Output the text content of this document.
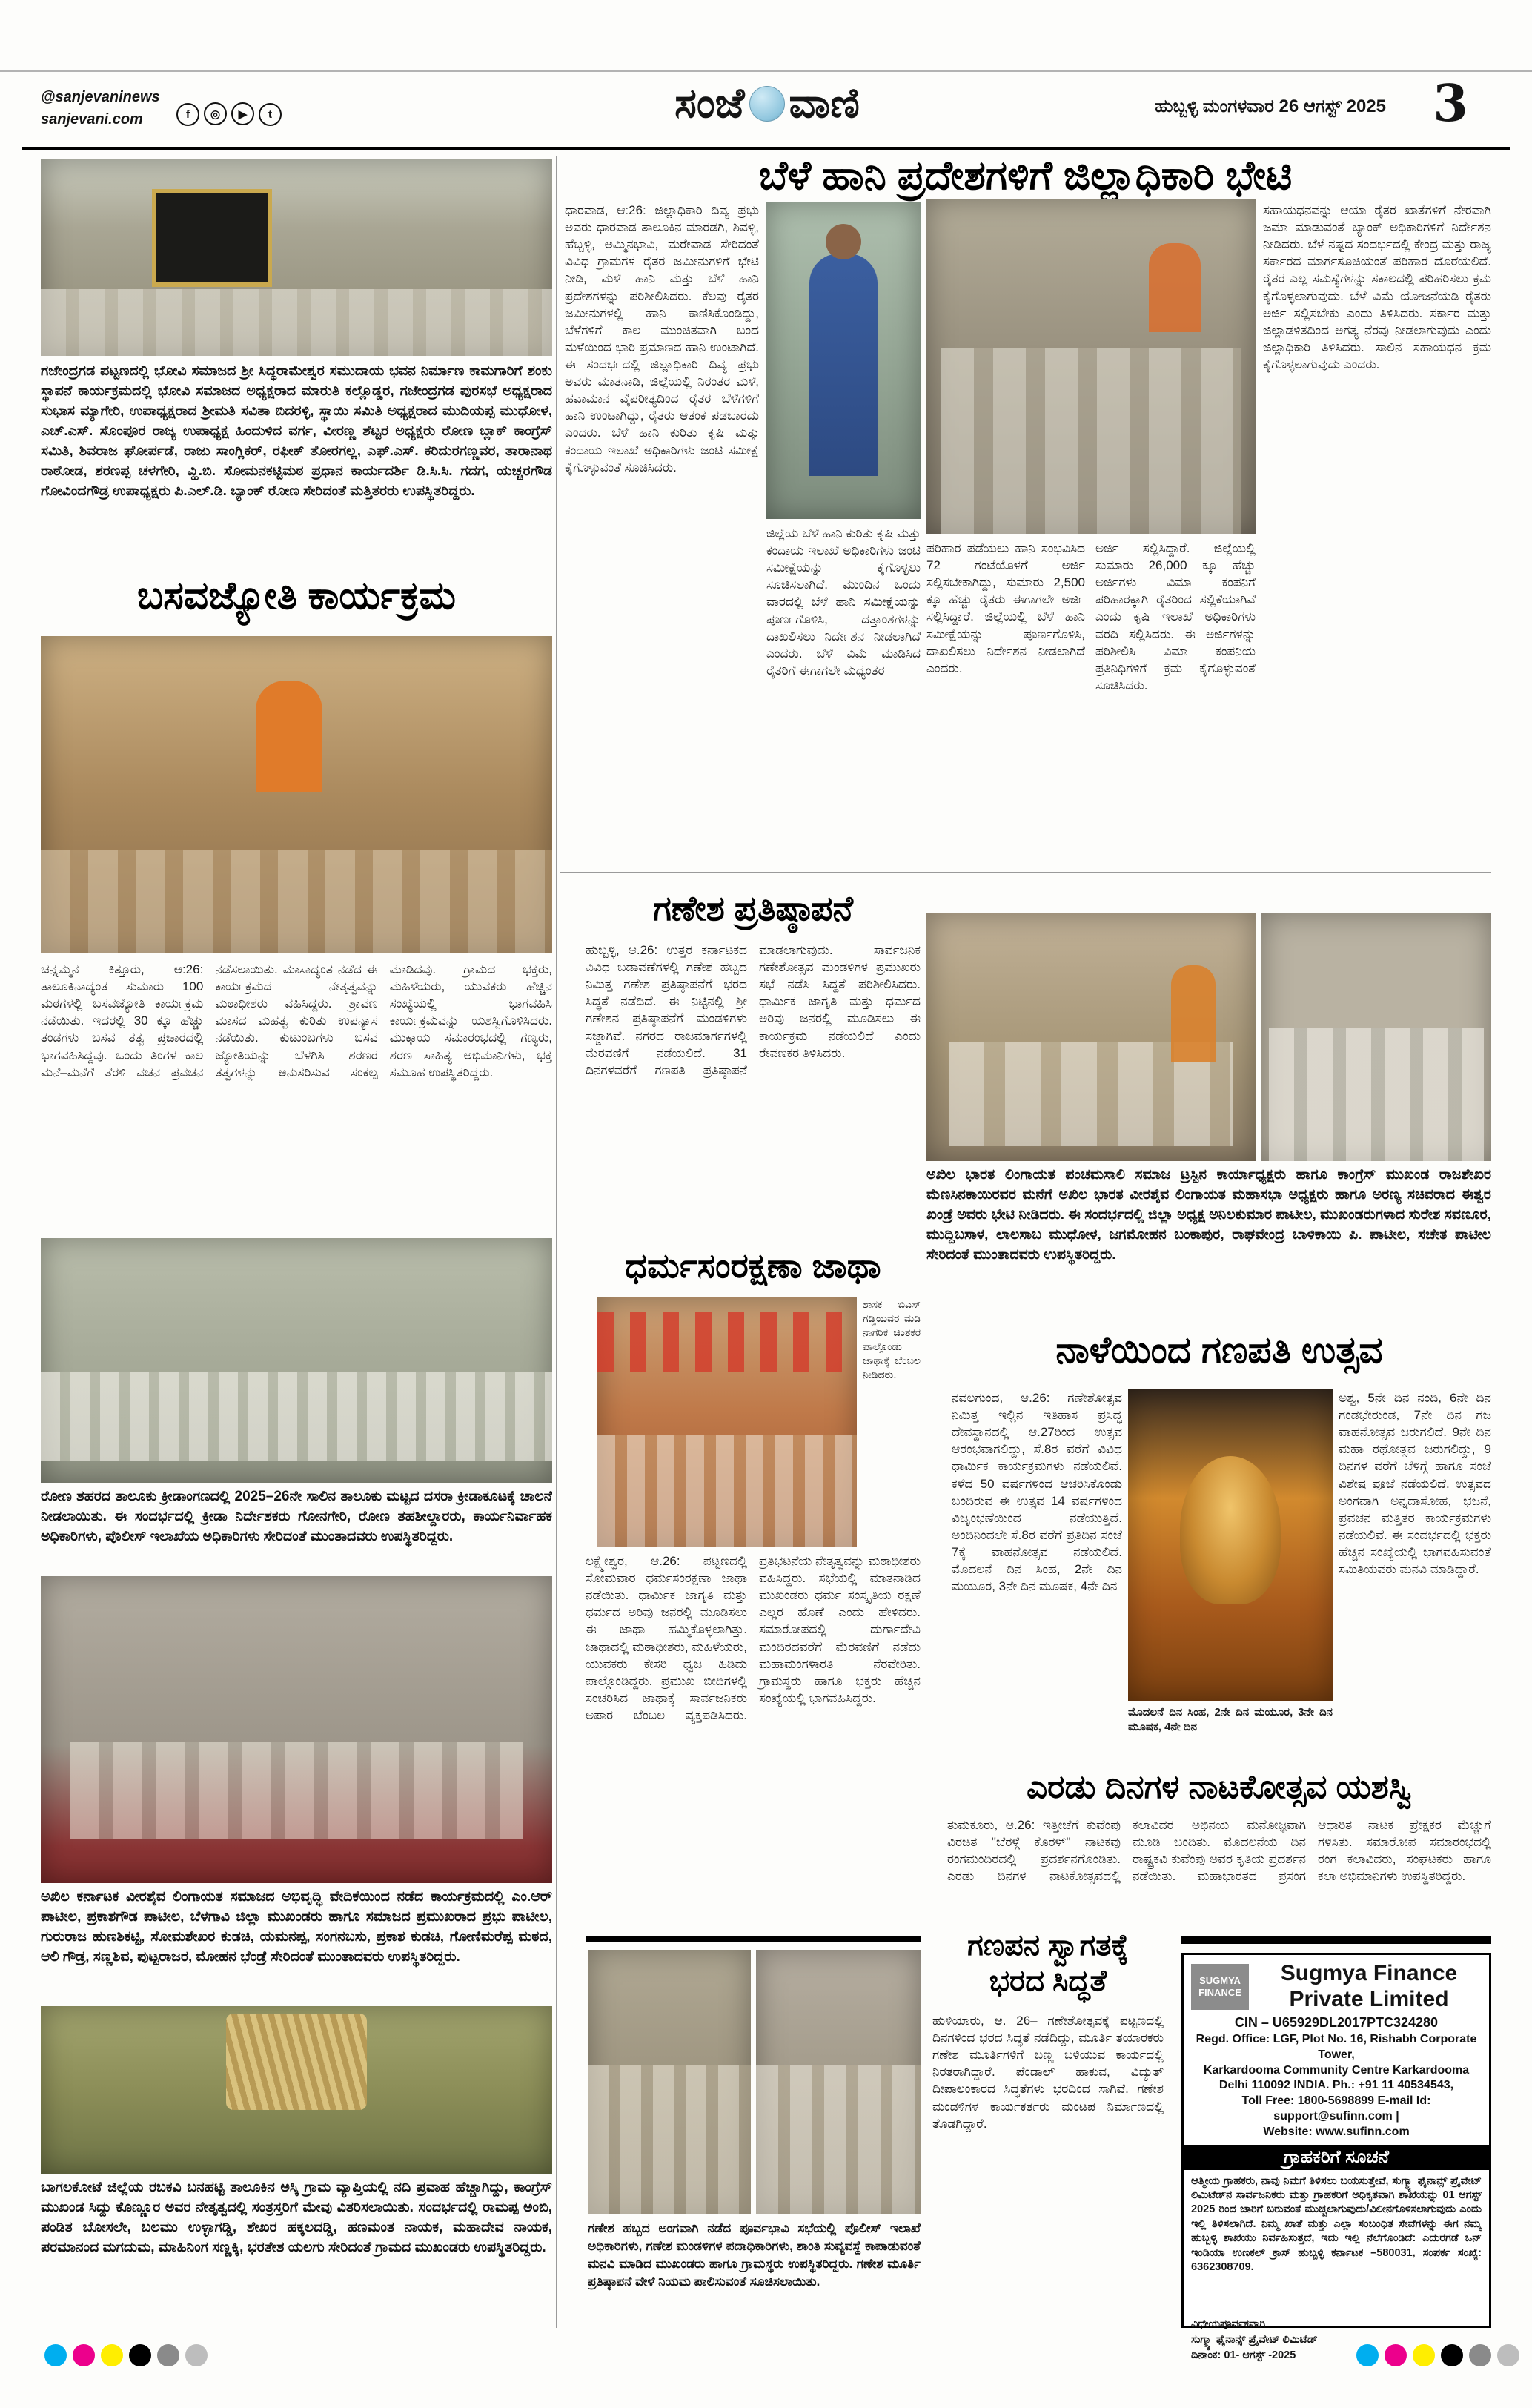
@sanjevaninews
sanjevani.com	f ◎ ▶ t	ಸಂಜೆ ವಾಣಿ	ಹುಬ್ಬಳ್ಳಿ ಮಂಗಳವಾರ 26 ಆಗಸ್ಟ್ 2025 3
ಬೆಳೆ ಹಾನಿ ಪ್ರದೇಶಗಳಿಗೆ ಜಿಲ್ಲಾಧಿಕಾರಿ ಭೇಟಿ
ಗಜೇಂದ್ರಗಡ ಪಟ್ಟಣದಲ್ಲಿ ಭೋವಿ ಸಮಾಜದ ಶ್ರೀ ಸಿದ್ಧರಾಮೇಶ್ವರ ಸಮುದಾಯ ಭವನ ನಿರ್ಮಾಣ ಕಾಮಗಾರಿಗೆ ಶಂಕು ಸ್ಥಾಪನೆ ಕಾರ್ಯಕ್ರಮದಲ್ಲಿ ಭೋವಿ ಸಮಾಜದ ಅಧ್ಯಕ್ಷರಾದ ಮಾರುತಿ ಕಲ್ಲೊಡ್ಡರ, ಗಜೇಂದ್ರಗಡ ಪುರಸಭೆ ಅಧ್ಯಕ್ಷರಾದ ಸುಭಾಸ ಮ್ಯಾಗೇರಿ, ಉಪಾಧ್ಯಕ್ಷರಾದ ಶ್ರೀಮತಿ ಸವಿತಾ ಬಿದರಳ್ಳಿ, ಸ್ಥಾಯಿ ಸಮಿತಿ ಅಧ್ಯಕ್ಷರಾದ ಮುದಿಯಪ್ಪ ಮುಧೋಳ, ಎಚ್.ಎಸ್. ಸೊಂಪೂರ ರಾಜ್ಯ ಉಪಾಧ್ಯಕ್ಷ ಹಿಂದುಳಿದ ವರ್ಗ, ವೀರಣ್ಣ ಶೆಟ್ಟರ ಅಧ್ಯಕ್ಷರು ರೋಣ ಬ್ಲಾಕ್ ಕಾಂಗ್ರೆಸ್ ಸಮಿತಿ, ಶಿವರಾಜ ಘೋರ್ಪಡೆ, ರಾಜು ಸಾಂಗ್ಲಿಕರ್, ರಫೀಕ್ ತೋರಗಲ್ಲ, ಎಫ್.ಎಸ್. ಕರಿದುರಗಣ್ಣವರ, ತಾರಾನಾಥ ರಾಠೋಡ, ಶರಣಪ್ಪ ಚಳಗೇರಿ, ವ್ಹಿ.ಬಿ. ಸೋಮನಕಟ್ಟಿಮಠ ಪ್ರಧಾನ ಕಾರ್ಯದರ್ಶಿ ಡಿ.ಸಿ.ಸಿ. ಗದಗ, ಯಚ್ಚರಗೌಡ ಗೋವಿಂದಗೌಡ್ರ ಉಪಾಧ್ಯಕ್ಷರು ಪಿ.ಎಲ್.ಡಿ. ಬ್ಯಾಂಕ್ ರೋಣ ಸೇರಿದಂತೆ ಮತ್ತಿತರರು ಉಪಸ್ಥಿತರಿದ್ದರು.
ಧಾರವಾಡ, ಆ:26: ಜಿಲ್ಲಾಧಿಕಾರಿ ದಿವ್ಯ ಪ್ರಭು ಅವರು ಧಾರವಾಡ ತಾಲೂಕಿನ ಮಾರಡಗಿ, ಶಿವಳ್ಳಿ, ಹೆಬ್ಬಳ್ಳಿ, ಅಮ್ಮಿನಭಾವಿ, ಮರೇವಾಡ ಸೇರಿದಂತೆ ವಿವಿಧ ಗ್ರಾಮಗಳ ರೈತರ ಜಮೀನುಗಳಿಗೆ ಭೇಟಿ ನೀಡಿ, ಮಳೆ ಹಾನಿ ಮತ್ತು ಬೆಳೆ ಹಾನಿ ಪ್ರದೇಶಗಳನ್ನು ಪರಿಶೀಲಿಸಿದರು. ಕೆಲವು ರೈತರ ಜಮೀನುಗಳಲ್ಲಿ ಹಾನಿ ಕಾಣಿಸಿಕೊಂಡಿದ್ದು, ಬೆಳೆಗಳಿಗೆ ಕಾಲ ಮುಂಚಿತವಾಗಿ ಬಂದ ಮಳೆಯಿಂದ ಭಾರಿ ಪ್ರಮಾಣದ ಹಾನಿ ಉಂಟಾಗಿದೆ. ಈ ಸಂದರ್ಭದಲ್ಲಿ ಜಿಲ್ಲಾಧಿಕಾರಿ ದಿವ್ಯ ಪ್ರಭು ಅವರು ಮಾತನಾಡಿ, ಜಿಲ್ಲೆಯಲ್ಲಿ ನಿರಂತರ ಮಳೆ, ಹವಾಮಾನ ವೈಪರೀತ್ಯದಿಂದ ರೈತರ ಬೆಳೆಗಳಿಗೆ ಹಾನಿ ಉಂಟಾಗಿದ್ದು, ರೈತರು ಆತಂಕ ಪಡಬಾರದು ಎಂದರು. ಬೆಳೆ ಹಾನಿ ಕುರಿತು ಕೃಷಿ ಮತ್ತು ಕಂದಾಯ ಇಲಾಖೆ ಅಧಿಕಾರಿಗಳು ಜಂಟಿ ಸಮೀಕ್ಷೆ ಕೈಗೊಳ್ಳುವಂತೆ ಸೂಚಿಸಿದರು.
ಜಿಲ್ಲೆಯ ಬೆಳೆ ಹಾನಿ ಕುರಿತು ಕೃಷಿ ಮತ್ತು ಕಂದಾಯ ಇಲಾಖೆ ಅಧಿಕಾರಿಗಳು ಜಂಟಿ ಸಮೀಕ್ಷೆಯನ್ನು ಕೈಗೊಳ್ಳಲು ಸೂಚಿಸಲಾಗಿದೆ. ಮುಂದಿನ ಒಂದು ವಾರದಲ್ಲಿ ಬೆಳೆ ಹಾನಿ ಸಮೀಕ್ಷೆಯನ್ನು ಪೂರ್ಣಗೊಳಿಸಿ, ದತ್ತಾಂಶಗಳನ್ನು ದಾಖಲಿಸಲು ನಿರ್ದೇಶನ ನೀಡಲಾಗಿದೆ ಎಂದರು. ಬೆಳೆ ವಿಮೆ ಮಾಡಿಸಿದ ರೈತರಿಗೆ ಈಗಾಗಲೇ ಮಧ್ಯಂತರ
ಪರಿಹಾರ ಪಡೆಯಲು ಹಾನಿ ಸಂಭವಿಸಿದ 72 ಗಂಟೆಯೊಳಗೆ ಅರ್ಜಿ ಸಲ್ಲಿಸಬೇಕಾಗಿದ್ದು, ಸುಮಾರು 2,500 ಕ್ಕೂ ಹೆಚ್ಚು ರೈತರು ಈಗಾಗಲೇ ಅರ್ಜಿ ಸಲ್ಲಿಸಿದ್ದಾರೆ. ಜಿಲ್ಲೆಯಲ್ಲಿ ಬೆಳೆ ಹಾನಿ ಸಮೀಕ್ಷೆಯನ್ನು ಪೂರ್ಣಗೊಳಿಸಿ, ದಾಖಲಿಸಲು ನಿರ್ದೇಶನ ನೀಡಲಾಗಿದೆ ಎಂದರು.
ಅರ್ಜಿ ಸಲ್ಲಿಸಿದ್ದಾರೆ. ಜಿಲ್ಲೆಯಲ್ಲಿ ಸುಮಾರು 26,000 ಕ್ಕೂ ಹೆಚ್ಚು ಅರ್ಜಿಗಳು ವಿಮಾ ಕಂಪನಿಗೆ ಪರಿಹಾರಕ್ಕಾಗಿ ರೈತರಿಂದ ಸಲ್ಲಿಕೆಯಾಗಿವೆ ಎಂದು ಕೃಷಿ ಇಲಾಖೆ ಅಧಿಕಾರಿಗಳು ವರದಿ ಸಲ್ಲಿಸಿದರು. ಈ ಅರ್ಜಿಗಳನ್ನು ಪರಿಶೀಲಿಸಿ ವಿಮಾ ಕಂಪನಿಯ ಪ್ರತಿನಿಧಿಗಳಿಗೆ ಕ್ರಮ ಕೈಗೊಳ್ಳುವಂತೆ ಸೂಚಿಸಿದರು.
ಸಹಾಯಧನವನ್ನು ಆಯಾ ರೈತರ ಖಾತೆಗಳಿಗೆ ನೇರವಾಗಿ ಜಮಾ ಮಾಡುವಂತೆ ಬ್ಯಾಂಕ್ ಅಧಿಕಾರಿಗಳಿಗೆ ನಿರ್ದೇಶನ ನೀಡಿದರು. ಬೆಳೆ ನಷ್ಟದ ಸಂದರ್ಭದಲ್ಲಿ ಕೇಂದ್ರ ಮತ್ತು ರಾಜ್ಯ ಸರ್ಕಾರದ ಮಾರ್ಗಸೂಚಿಯಂತೆ ಪರಿಹಾರ ದೊರೆಯಲಿದೆ. ರೈತರ ಎಲ್ಲ ಸಮಸ್ಯೆಗಳನ್ನು ಸಕಾಲದಲ್ಲಿ ಪರಿಹರಿಸಲು ಕ್ರಮ ಕೈಗೊಳ್ಳಲಾಗುವುದು. ಬೆಳೆ ವಿಮೆ ಯೋಜನೆಯಡಿ ರೈತರು ಅರ್ಜಿ ಸಲ್ಲಿಸಬೇಕು ಎಂದು ತಿಳಿಸಿದರು. ಸರ್ಕಾರ ಮತ್ತು ಜಿಲ್ಲಾಡಳಿತದಿಂದ ಅಗತ್ಯ ನೆರವು ನೀಡಲಾಗುವುದು ಎಂದು ಜಿಲ್ಲಾಧಿಕಾರಿ ತಿಳಿಸಿದರು. ಸಾಲಿನ ಸಹಾಯಧನ ಕ್ರಮ ಕೈಗೊಳ್ಳಲಾಗುವುದು ಎಂದರು.
ಬಸವಜ್ಯೋತಿ ಕಾರ್ಯಕ್ರಮ
ಚನ್ನಮ್ಮನ ಕಿತ್ತೂರು, ಆ:26: ತಾಲೂಕಿನಾದ್ಯಂತ ಸುಮಾರು 100 ಮಠಗಳಲ್ಲಿ ಬಸವಜ್ಯೋತಿ ಕಾರ್ಯಕ್ರಮ ನಡೆಯಿತು. ಇದರಲ್ಲಿ 30 ಕ್ಕೂ ಹೆಚ್ಚು ತಂಡಗಳು ಬಸವ ತತ್ವ ಪ್ರಚಾರದಲ್ಲಿ ಭಾಗವಹಿಸಿದ್ದವು. ಒಂದು ತಿಂಗಳ ಕಾಲ ಮನೆ–ಮನೆಗೆ ತೆರಳಿ ವಚನ ಪ್ರವಚನ ನಡೆಸಲಾಯಿತು. ಮಾಸಾದ್ಯಂತ ನಡೆದ ಈ ಕಾರ್ಯಕ್ರಮದ ನೇತೃತ್ವವನ್ನು ಮಠಾಧೀಶರು ವಹಿಸಿದ್ದರು. ಶ್ರಾವಣ ಮಾಸದ ಮಹತ್ವ ಕುರಿತು ಉಪನ್ಯಾಸ ನಡೆಯಿತು. ಕುಟುಂಬಗಳು ಬಸವ ಜ್ಯೋತಿಯನ್ನು ಬೆಳಗಿಸಿ ಶರಣರ ತತ್ವಗಳನ್ನು ಅನುಸರಿಸುವ ಸಂಕಲ್ಪ ಮಾಡಿದವು. ಗ್ರಾಮದ ಭಕ್ತರು, ಮಹಿಳೆಯರು, ಯುವಕರು ಹೆಚ್ಚಿನ ಸಂಖ್ಯೆಯಲ್ಲಿ ಭಾಗವಹಿಸಿ ಕಾರ್ಯಕ್ರಮವನ್ನು ಯಶಸ್ವಿಗೊಳಿಸಿದರು. ಮುಕ್ತಾಯ ಸಮಾರಂಭದಲ್ಲಿ ಗಣ್ಯರು, ಶರಣ ಸಾಹಿತ್ಯ ಅಭಿಮಾನಿಗಳು, ಭಕ್ತ ಸಮೂಹ ಉಪಸ್ಥಿತರಿದ್ದರು.
ರೋಣ ಶಹರದ ತಾಲೂಕು ಕ್ರೀಡಾಂಗಣದಲ್ಲಿ 2025–26ನೇ ಸಾಲಿನ ತಾಲೂಕು ಮಟ್ಟದ ದಸರಾ ಕ್ರೀಡಾಕೂಟಕ್ಕೆ ಚಾಲನೆ ನೀಡಲಾಯಿತು. ಈ ಸಂದರ್ಭದಲ್ಲಿ ಕ್ರೀಡಾ ನಿರ್ದೇಶಕರು ಗೋನಗೇರಿ, ರೋಣ ತಹಶೀಲ್ದಾರರು, ಕಾರ್ಯನಿರ್ವಾಹಕ ಅಧಿಕಾರಿಗಳು, ಪೊಲೀಸ್ ಇಲಾಖೆಯ ಅಧಿಕಾರಿಗಳು ಸೇರಿದಂತೆ ಮುಂತಾದವರು ಉಪಸ್ಥಿತರಿದ್ದರು.
ಅಖಿಲ ಕರ್ನಾಟಕ ವೀರಶೈವ ಲಿಂಗಾಯತ ಸಮಾಜದ ಅಭಿವೃದ್ಧಿ ವೇದಿಕೆಯಿಂದ ನಡೆದ ಕಾರ್ಯಕ್ರಮದಲ್ಲಿ ಎಂ.ಆರ್ ಪಾಟೀಲ, ಪ್ರಕಾಶಗೌಡ ಪಾಟೀಲ, ಬೆಳಗಾವಿ ಜಿಲ್ಲಾ ಮುಖಂಡರು ಹಾಗೂ ಸಮಾಜದ ಪ್ರಮುಖರಾದ ಪ್ರಭು ಪಾಟೀಲ, ಗುರುರಾಜ ಹುಣಶಿಕಟ್ಟಿ, ಸೋಮಶೇಖರ ಕುಡಚಿ, ಯಮನಪ್ಪ, ಸಂಗನಬಸು, ಪ್ರಕಾಶ ಕುಡಚಿ, ಗೋಣಿಮರೆಪ್ಪ ಮಠದ, ಆಲಿ ಗೌಡ್ರ, ಸಣ್ಣಶಿವ, ಪುಟ್ಟರಾಜರ, ಮೋಹನ ಭೆಂಡ್ರೆ ಸೇರಿದಂತೆ ಮುಂತಾದವರು ಉಪಸ್ಥಿತರಿದ್ದರು.
ಬಾಗಲಕೋಟೆ ಜಿಲ್ಲೆಯ ರಬಕವಿ ಬನಹಟ್ಟಿ ತಾಲೂಕಿನ ಅಸ್ಕಿ ಗ್ರಾಮ ವ್ಯಾಪ್ತಿಯಲ್ಲಿ ನದಿ ಪ್ರವಾಹ ಹೆಚ್ಚಾಗಿದ್ದು, ಕಾಂಗ್ರೆಸ್ ಮುಖಂಡ ಸಿದ್ದು ಕೊಣ್ಣೂರ ಅವರ ನೇತೃತ್ವದಲ್ಲಿ ಸಂತ್ರಸ್ತರಿಗೆ ಮೇವು ವಿತರಿಸಲಾಯಿತು. ಸಂದರ್ಭದಲ್ಲಿ ರಾಮಪ್ಪ ಅಂಬಿ, ಪಂಡಿತ ಬೋಸಲೇ, ಬಲಮು ಉಳ್ಳಾಗಡ್ಡಿ, ಶೇಖರ ಹಕ್ಕಲದಡ್ಡಿ, ಹಣಮಂತ ನಾಯಕ, ಮಹಾದೇವ ನಾಯಕ, ಪರಮಾನಂದ ಮಗದುಮ, ಮಾಹಿನಿಂಗ ಸಣ್ಣಕ್ಕಿ, ಭರತೇಶ ಯಲಗು ಸೇರಿದಂತೆ ಗ್ರಾಮದ ಮುಖಂಡರು ಉಪಸ್ಥಿತರಿದ್ದರು.
ಗಣೇಶ ಪ್ರತಿಷ್ಠಾಪನೆ
ಹುಬ್ಬಳ್ಳಿ, ಆ.26: ಉತ್ತರ ಕರ್ನಾಟಕದ ವಿವಿಧ ಬಡಾವಣೆಗಳಲ್ಲಿ ಗಣೇಶ ಹಬ್ಬದ ನಿಮಿತ್ತ ಗಣೇಶ ಪ್ರತಿಷ್ಠಾಪನೆಗೆ ಭರದ ಸಿದ್ಧತೆ ನಡೆದಿದೆ. ಈ ನಿಟ್ಟಿನಲ್ಲಿ ಶ್ರೀ ಗಣೇಶನ ಪ್ರತಿಷ್ಠಾಪನೆಗೆ ಮಂಡಳಿಗಳು ಸಜ್ಜಾಗಿವೆ. ನಗರದ ರಾಜಮಾರ್ಗಗಳಲ್ಲಿ ಮೆರವಣಿಗೆ ನಡೆಯಲಿದೆ. 31 ದಿನಗಳವರೆಗೆ ಗಣಪತಿ ಪ್ರತಿಷ್ಠಾಪನೆ ಮಾಡಲಾಗುವುದು. ಸಾರ್ವಜನಿಕ ಗಣೇಶೋತ್ಸವ ಮಂಡಳಿಗಳ ಪ್ರಮುಖರು ಸಭೆ ನಡೆಸಿ ಸಿದ್ಧತೆ ಪರಿಶೀಲಿಸಿದರು. ಧಾರ್ಮಿಕ ಜಾಗೃತಿ ಮತ್ತು ಧರ್ಮದ ಅರಿವು ಜನರಲ್ಲಿ ಮೂಡಿಸಲು ಈ ಕಾರ್ಯಕ್ರಮ ನಡೆಯಲಿದೆ ಎಂದು ರೇವಣಕರ ತಿಳಿಸಿದರು.
ಅಖಿಲ ಭಾರತ ಲಿಂಗಾಯತ ಪಂಚಮಸಾಲಿ ಸಮಾಜ ಟ್ರಸ್ಟಿನ ಕಾರ್ಯಾಧ್ಯಕ್ಷರು ಹಾಗೂ ಕಾಂಗ್ರೆಸ್ ಮುಖಂಡ ರಾಜಶೇಖರ ಮೆಣಸಿನಕಾಯಿರವರ ಮನೆಗೆ ಅಖಿಲ ಭಾರತ ವೀರಶೈವ ಲಿಂಗಾಯತ ಮಹಾಸಭಾ ಅಧ್ಯಕ್ಷರು ಹಾಗೂ ಅರಣ್ಯ ಸಚಿವರಾದ ಈಶ್ವರ ಖಂಡ್ರೆ ಅವರು ಭೇಟಿ ನೀಡಿದರು. ಈ ಸಂದರ್ಭದಲ್ಲಿ ಜಿಲ್ಲಾ ಅಧ್ಯಕ್ಷ ಅನಿಲಕುಮಾರ ಪಾಟೀಲ, ಮುಖಂಡರುಗಳಾದ ಸುರೇಶ ಸವಣೂರ, ಮುದ್ದಿಬಸಾಳ, ಲಾಲಸಾಬ ಮುಧೋಳ, ಜಗಮೋಹನ ಬಂಕಾಪುರ, ರಾಘವೇಂದ್ರ ಬಾಳಿಕಾಯಿ ಪಿ. ಪಾಟೀಲ, ಸಚೇತ ಪಾಟೀಲ ಸೇರಿದಂತೆ ಮುಂತಾದವರು ಉಪಸ್ಥಿತರಿದ್ದರು.
ಧರ್ಮಸಂರಕ್ಷಣಾ ಜಾಥಾ
ಶಾಸಕ ಬಿಎಸ್ ಗಡ್ಡಿಯವರ ಮಡಿ ನಾಗರಿಕ ಚಿಂತಕರ ಪಾಲ್ಗೊಂಡು ಜಾಥಾಕ್ಕೆ ಬೆಂಬಲ ನೀಡಿದರು.
ಲಕ್ಷ್ಮೇಶ್ವರ, ಆ.26: ಪಟ್ಟಣದಲ್ಲಿ ಸೋಮವಾರ ಧರ್ಮಸಂರಕ್ಷಣಾ ಜಾಥಾ ನಡೆಯಿತು. ಧಾರ್ಮಿಕ ಜಾಗೃತಿ ಮತ್ತು ಧರ್ಮದ ಅರಿವು ಜನರಲ್ಲಿ ಮೂಡಿಸಲು ಈ ಜಾಥಾ ಹಮ್ಮಿಕೊಳ್ಳಲಾಗಿತ್ತು. ಜಾಥಾದಲ್ಲಿ ಮಠಾಧೀಶರು, ಮಹಿಳೆಯರು, ಯುವಕರು ಕೇಸರಿ ಧ್ವಜ ಹಿಡಿದು ಪಾಲ್ಗೊಂಡಿದ್ದರು. ಪ್ರಮುಖ ಬೀದಿಗಳಲ್ಲಿ ಸಂಚರಿಸಿದ ಜಾಥಾಕ್ಕೆ ಸಾರ್ವಜನಿಕರು ಅಪಾರ ಬೆಂಬಲ ವ್ಯಕ್ತಪಡಿಸಿದರು. ಪ್ರತಿಭಟನೆಯ ನೇತೃತ್ವವನ್ನು ಮಠಾಧೀಶರು ವಹಿಸಿದ್ದರು. ಸಭೆಯಲ್ಲಿ ಮಾತನಾಡಿದ ಮುಖಂಡರು ಧರ್ಮ ಸಂಸ್ಕೃತಿಯ ರಕ್ಷಣೆ ಎಲ್ಲರ ಹೊಣೆ ಎಂದು ಹೇಳಿದರು. ಸಮಾರೋಪದಲ್ಲಿ ದುರ್ಗಾದೇವಿ ಮಂದಿರದವರೆಗೆ ಮೆರವಣಿಗೆ ನಡೆದು ಮಹಾಮಂಗಳಾರತಿ ನೆರವೇರಿತು. ಗ್ರಾಮಸ್ಥರು ಹಾಗೂ ಭಕ್ತರು ಹೆಚ್ಚಿನ ಸಂಖ್ಯೆಯಲ್ಲಿ ಭಾಗವಹಿಸಿದ್ದರು.
ನಾಳೆಯಿಂದ ಗಣಪತಿ ಉತ್ಸವ
ನವಲಗುಂದ, ಆ.26: ಗಣೇಶೋತ್ಸವ ನಿಮಿತ್ತ ಇಲ್ಲಿನ ಇತಿಹಾಸ ಪ್ರಸಿದ್ಧ ದೇವಸ್ಥಾನದಲ್ಲಿ ಆ.27ರಿಂದ ಉತ್ಸವ ಆರಂಭವಾಗಲಿದ್ದು, ಸೆ.8ರ ವರೆಗೆ ವಿವಿಧ ಧಾರ್ಮಿಕ ಕಾರ್ಯಕ್ರಮಗಳು ನಡೆಯಲಿವೆ. ಕಳೆದ 50 ವರ್ಷಗಳಿಂದ ಆಚರಿಸಿಕೊಂಡು ಬಂದಿರುವ ಈ ಉತ್ಸವ 14 ವರ್ಷಗಳಿಂದ ವಿಜೃಂಭಣೆಯಿಂದ ನಡೆಯುತ್ತಿದೆ. ಅಂದಿನಿಂದಲೇ ಸೆ.8ರ ವರೆಗೆ ಪ್ರತಿದಿನ ಸಂಜೆ 7ಕ್ಕೆ ವಾಹನೋತ್ಸವ ನಡೆಯಲಿದೆ. ಮೊದಲನೆ ದಿನ ಸಿಂಹ, 2ನೇ ದಿನ ಮಯೂರ, 3ನೇ ದಿನ ಮೂಷಕ, 4ನೇ ದಿನ
ಮೊದಲನೆ ದಿನ ಸಿಂಹ, 2ನೇ ದಿನ ಮಯೂರ, 3ನೇ ದಿನ ಮೂಷಕ, 4ನೇ ದಿನ
ಅಶ್ವ, 5ನೇ ದಿನ ನಂದಿ, 6ನೇ ದಿನ ಗಂಡಭೇರುಂಡ, 7ನೇ ದಿನ ಗಜ ವಾಹನೋತ್ಸವ ಜರುಗಲಿದೆ. 9ನೇ ದಿನ ಮಹಾ ರಥೋತ್ಸವ ಜರುಗಲಿದ್ದು, 9 ದಿನಗಳ ವರೆಗೆ ಬೆಳಿಗ್ಗೆ ಹಾಗೂ ಸಂಜೆ ವಿಶೇಷ ಪೂಜೆ ನಡೆಯಲಿದೆ. ಉತ್ಸವದ ಅಂಗವಾಗಿ ಅನ್ನದಾಸೋಹ, ಭಜನೆ, ಪ್ರವಚನ ಮತ್ತಿತರ ಕಾರ್ಯಕ್ರಮಗಳು ನಡೆಯಲಿವೆ. ಈ ಸಂದರ್ಭದಲ್ಲಿ ಭಕ್ತರು ಹೆಚ್ಚಿನ ಸಂಖ್ಯೆಯಲ್ಲಿ ಭಾಗವಹಿಸುವಂತೆ ಸಮಿತಿಯವರು ಮನವಿ ಮಾಡಿದ್ದಾರೆ.
ಎರಡು ದಿನಗಳ ನಾಟಕೋತ್ಸವ ಯಶಸ್ವಿ
ತುಮಕೂರು, ಆ.26: ಇತ್ತೀಚೆಗೆ ಕುವೆಂಪು ವಿರಚಿತ ''ಬೆರಳ್ಗೆ ಕೊರಳ್'' ನಾಟಕವು ರಂಗಮಂದಿರದಲ್ಲಿ ಪ್ರದರ್ಶನಗೊಂಡಿತು. ಎರಡು ದಿನಗಳ ನಾಟಕೋತ್ಸವದಲ್ಲಿ ಕಲಾವಿದರ ಅಭಿನಯ ಮನೋಜ್ಞವಾಗಿ ಮೂಡಿ ಬಂದಿತು. ಮೊದಲನೆಯ ದಿನ ರಾಷ್ಟ್ರಕವಿ ಕುವೆಂಪು ಅವರ ಕೃತಿಯ ಪ್ರದರ್ಶನ ನಡೆಯಿತು. ಮಹಾಭಾರತದ ಪ್ರಸಂಗ ಆಧಾರಿತ ನಾಟಕ ಪ್ರೇಕ್ಷಕರ ಮೆಚ್ಚುಗೆ ಗಳಿಸಿತು. ಸಮಾರೋಪ ಸಮಾರಂಭದಲ್ಲಿ ರಂಗ ಕಲಾವಿದರು, ಸಂಘಟಕರು ಹಾಗೂ ಕಲಾ ಅಭಿಮಾನಿಗಳು ಉಪಸ್ಥಿತರಿದ್ದರು.
ಗಣೇಶ ಹಬ್ಬದ ಅಂಗವಾಗಿ ನಡೆದ ಪೂರ್ವಭಾವಿ ಸಭೆಯಲ್ಲಿ ಪೊಲೀಸ್ ಇಲಾಖೆ ಅಧಿಕಾರಿಗಳು, ಗಣೇಶ ಮಂಡಳಿಗಳ ಪದಾಧಿಕಾರಿಗಳು, ಶಾಂತಿ ಸುವ್ಯವಸ್ಥೆ ಕಾಪಾಡುವಂತೆ ಮನವಿ ಮಾಡಿದ ಮುಖಂಡರು ಹಾಗೂ ಗ್ರಾಮಸ್ಥರು ಉಪಸ್ಥಿತರಿದ್ದರು. ಗಣೇಶ ಮೂರ್ತಿ ಪ್ರತಿಷ್ಠಾಪನೆ ವೇಳೆ ನಿಯಮ ಪಾಲಿಸುವಂತೆ ಸೂಚಿಸಲಾಯಿತು.
ಗಣಪನ ಸ್ವಾಗತಕ್ಕೆ
ಭರದ ಸಿದ್ಧತೆ
ಹುಳಿಯಾರು, ಆ. 26– ಗಣೇಶೋತ್ಸವಕ್ಕೆ ಪಟ್ಟಣದಲ್ಲಿ ದಿನಗಳಿಂದ ಭರದ ಸಿದ್ಧತೆ ನಡೆದಿದ್ದು, ಮೂರ್ತಿ ತಯಾರಕರು ಗಣೇಶ ಮೂರ್ತಿಗಳಿಗೆ ಬಣ್ಣ ಬಳಿಯುವ ಕಾರ್ಯದಲ್ಲಿ ನಿರತರಾಗಿದ್ದಾರೆ. ಪೆಂಡಾಲ್ ಹಾಕುವ, ವಿದ್ಯುತ್ ದೀಪಾಲಂಕಾರದ ಸಿದ್ಧತೆಗಳು ಭರದಿಂದ ಸಾಗಿವೆ. ಗಣೇಶ ಮಂಡಳಿಗಳ ಕಾರ್ಯಕರ್ತರು ಮಂಟಪ ನಿರ್ಮಾಣದಲ್ಲಿ ತೊಡಗಿದ್ದಾರೆ.
SUGMYA
FINANCE
Sugmya Finance
Private Limited
CIN – U65929DL2017PTC324280
Regd. Office: LGF, Plot No. 16, Rishabh Corporate Tower,
Karkardooma Community Centre Karkardooma
Delhi 110092 INDIA. Ph.: +91 11 40534543,
Toll Free: 1800-5698899 E-mail Id: support@sufinn.com |
Website: www.sufinn.com
ಗ್ರಾಹಕರಿಗೆ ಸೂಚನೆ
ಆತ್ಮೀಯ ಗ್ರಾಹಕರು, ನಾವು ನಿಮಗೆ ತಿಳಿಸಲು ಬಯಸುತ್ತೇವೆ, ಸುಗ್ಮ್ಯಾ ಫೈನಾನ್ಸ್ ಪ್ರೈವೇಟ್ ಲಿಮಿಟೆಡ್‌ನ ಸಾರ್ವಜನಿಕರು ಮತ್ತು ಗ್ರಾಹಕರಿಗೆ ಅಧಿಕೃತವಾಗಿ ಶಾಖೆಯನ್ನು 01 ಆಗಸ್ಟ್ 2025 ರಿಂದ ಜಾರಿಗೆ ಬರುವಂತೆ ಮುಚ್ಚಲಾಗುವುದು/ವಿಲೀನಗೊಳಿಸಲಾಗುವುದು ಎಂದು ಇಲ್ಲಿ ತಿಳಿಸಲಾಗಿದೆ. ನಿಮ್ಮ ಖಾತೆ ಮತ್ತು ಎಲ್ಲಾ ಸಂಬಂಧಿತ ಸೇವೆಗಳನ್ನು ಈಗ ನಮ್ಮ ಹುಬ್ಬಳ್ಳಿ ಶಾಖೆಯು ನಿರ್ವಹಿಸುತ್ತದೆ, ಇದು ಇಲ್ಲಿ ನೆಲೆಗೊಂಡಿದೆ: ಎದುರಗಡೆ ಒನ್ ಇಂಡಿಯಾ ಉಣಕಲ್ ಕ್ರಾಸ್ ಹುಬ್ಬಳ್ಳಿ ಕರ್ನಾಟಕ –580031, ಸಂಪರ್ಕ ಸಂಖ್ಯೆ: 6362308709.
ವಿಧೇಯಪೂರ್ವಕವಾಗಿ
ಸುಗ್ಮ್ಯಾ ಫೈನಾನ್ಸ್ ಪ್ರೈವೇಟ್ ಲಿಮಿಟೆಡ್
ದಿನಾಂಕ: 01- ಆಗಸ್ಟ್ -2025
